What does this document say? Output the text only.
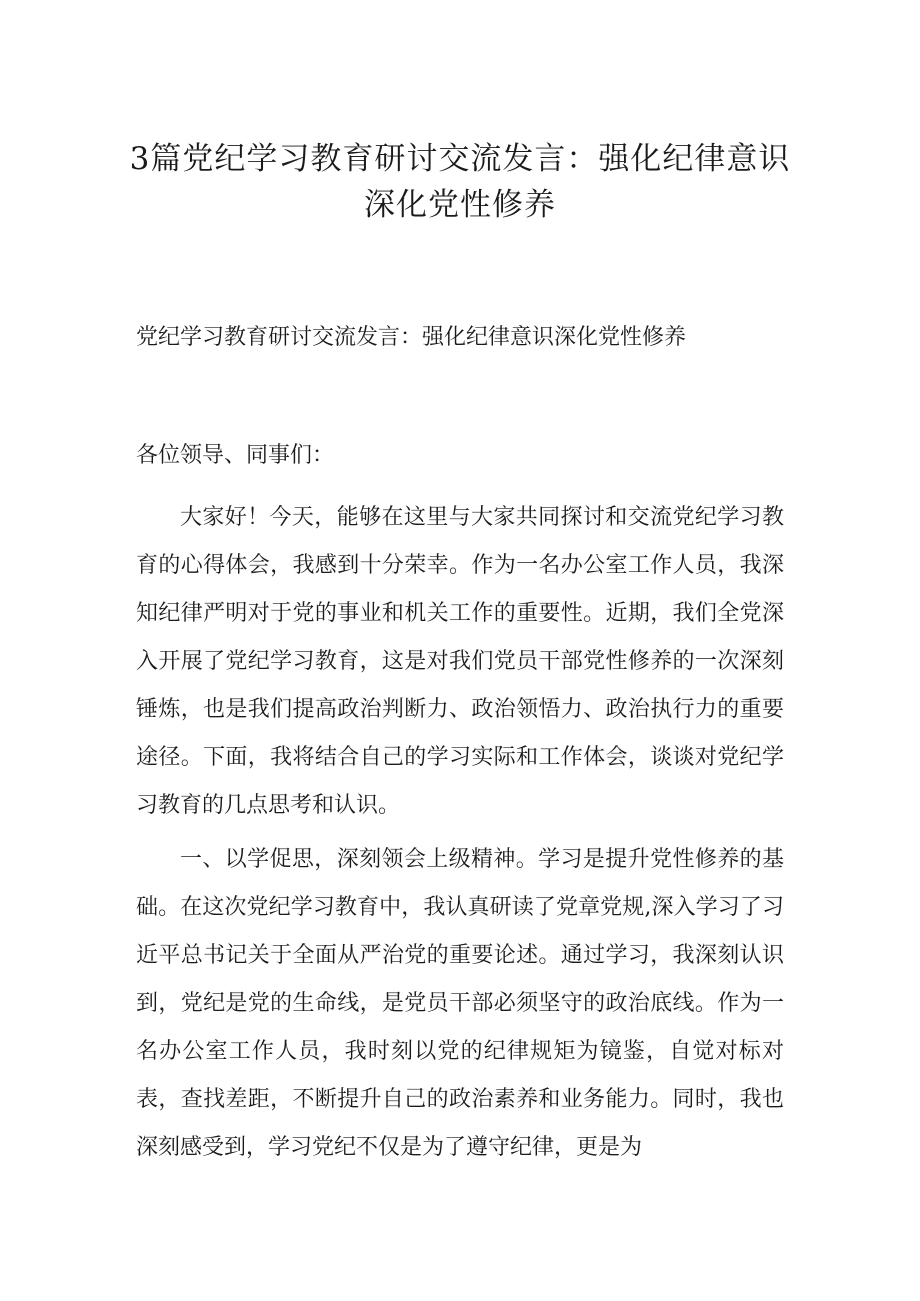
3篇党纪学习教育研讨交流发言：强化纪律意识深化党性修养

党纪学习教育研讨交流发言：强化纪律意识深化党性修养

各位领导、同事们：

大家好！今天，能够在这里与大家共同探讨和交流党纪学习教育的心得体会，我感到十分荣幸。作为一名办公室工作人员，我深知纪律严明对于党的事业和机关工作的重要性。近期，我们全党深入开展了党纪学习教育，这是对我们党员干部党性修养的一次深刻锤炼，也是我们提高政治判断力、政治领悟力、政治执行力的重要途径。下面，我将结合自己的学习实际和工作体会，谈谈对党纪学习教育的几点思考和认识。

一、以学促思，深刻领会上级精神。学习是提升党性修养的基础。在这次党纪学习教育中，我认真研读了党章党规,深入学习了习近平总书记关于全面从严治党的重要论述。通过学习，我深刻认识到，党纪是党的生命线，是党员干部必须坚守的政治底线。作为一名办公室工作人员，我时刻以党的纪律规矩为镜鉴，自觉对标对表，查找差距，不断提升自己的政治素养和业务能力。同时，我也深刻感受到，学习党纪不仅是为了遵守纪律，更是为
